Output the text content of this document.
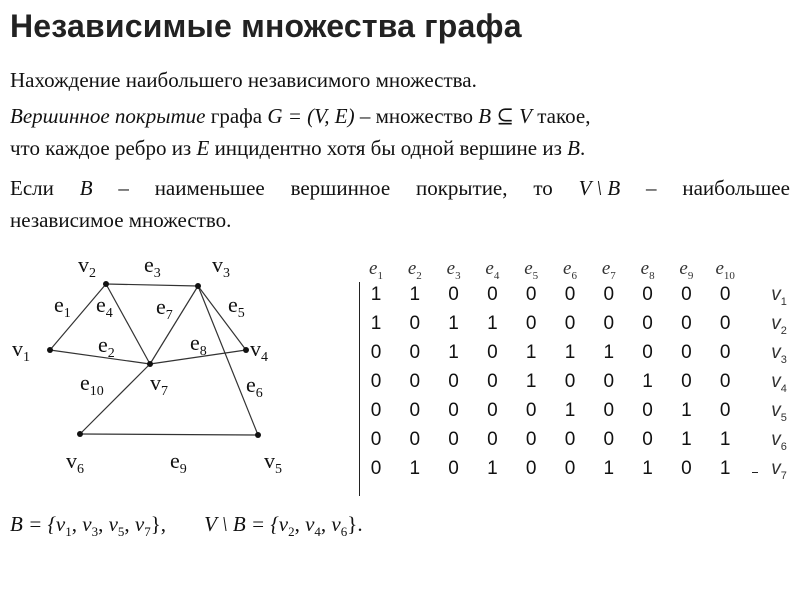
Независимые множества графа
Нахождение наибольшего независимого множества.
Вершинное покрытие графа G = (V, E) – множество B ⊆ V такое,
что каждое ребро из E инцидентно хотя бы одной вершине из B.
Если B – наименьшее вершинное покрытие, то V \ B – наибольшее
независимое множество.
$v_1$
$v_2$	$v_3$
$v_4$
$v_5$
$v_6$
$v_7$
$e_1$
$e_2$
$e_3$
$e_4$	$e_5$
$e_6$
$e_7$
$e_8$
$e_9$
$e_{10}$
$e_1$	$e_2$	$e_3$	$e_4$	$e_5$	$e_6$	$e_7$	$e_8$	$e_9$	$e_{10}$
1	1	0	0	0	0	0	0	0	0	$v_1$
1	0	1	1	0	0	0	0	0	0	$v_2$
0	0	1	0	1	1	1	0	0	0	$v_3$
0	0	0	0	1	0	0	1	0	0	$v_4$
0	0	0	0	0	1	0	0	1	0	$v_5$
0	0	0	0	0	0	0	0	1	1	$v_6$
0	1	0	1	0	0	1	1	0	1	$v_7$
$B = \{v_1$, $v_3$, $v_5$, $v_7$}, V \ $B = \{v_2$, $v_4$, $v_6$}.
